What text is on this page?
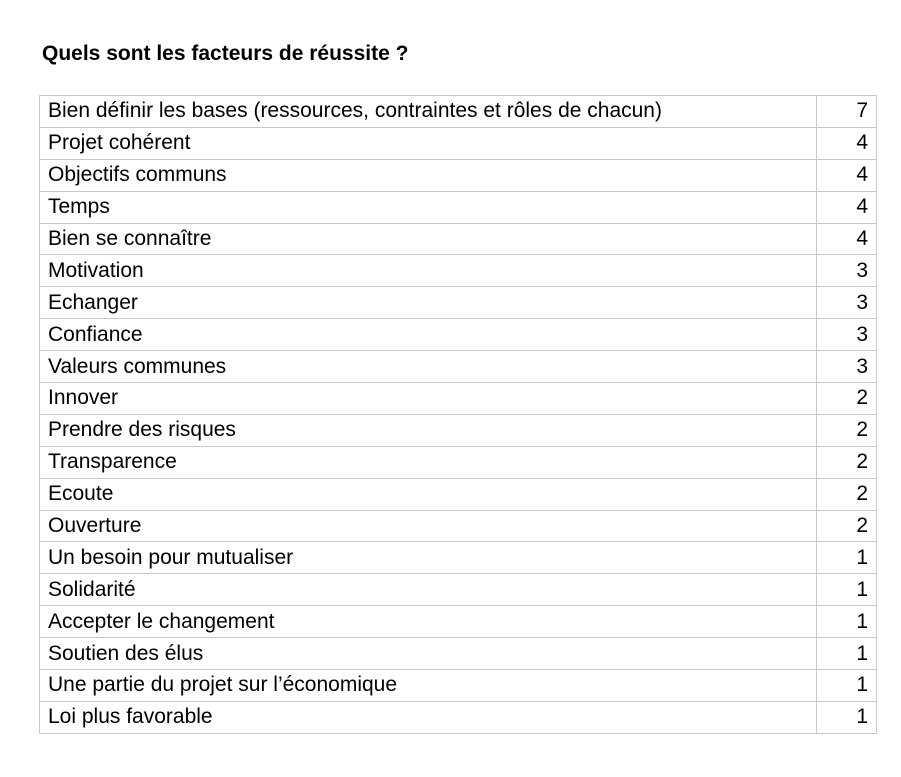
Quels sont les facteurs de réussite ?
Bien définir les bases (ressources, contraintes et rôles de chacun)	7
Projet cohérent	4
Objectifs communs	4
Temps	4
Bien se connaître	4
Motivation	3
Echanger	3
Confiance	3
Valeurs communes	3
Innover	2
Prendre des risques	2
Transparence	2
Ecoute	2
Ouverture	2
Un besoin pour mutualiser	1
Solidarité	1
Accepter le changement	1
Soutien des élus	1
Une partie du projet sur l’économique	1
Loi plus favorable	1
